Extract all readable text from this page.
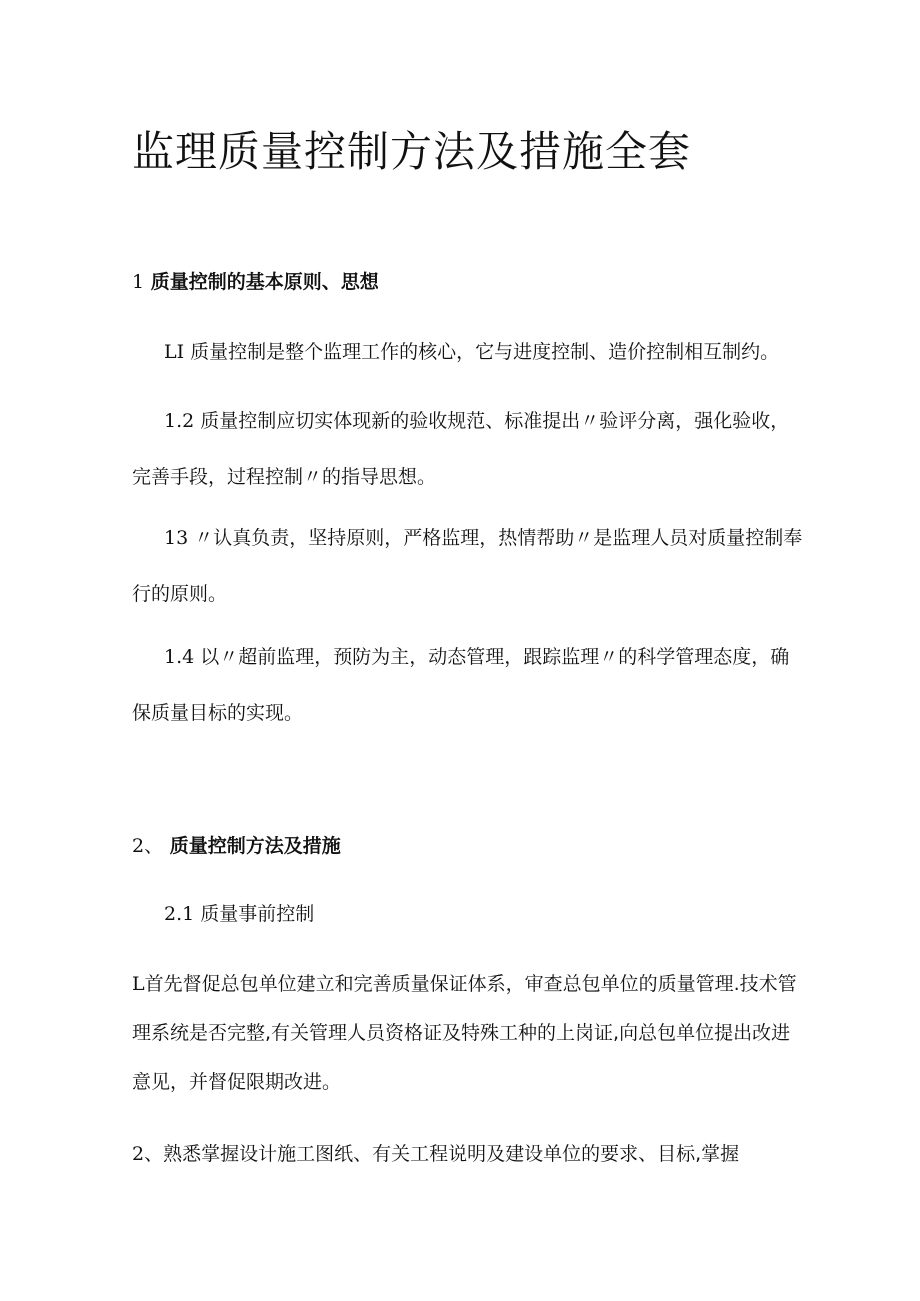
监理质量控制方法及措施全套
1 质量控制的基本原则、思想

LI 质量控制是整个监理工作的核心，它与进度控制、造价控制相互制约。

1.2 质量控制应切实体现新的验收规范、标准提出〃验评分离，强化验收，完善手段，过程控制〃的指导思想。

13 〃认真负责，坚持原则，严格监理，热情帮助〃是监理人员对质量控制奉行的原则。

1.4 以〃超前监理，预防为主，动态管理，跟踪监理〃的科学管理态度，确保质量目标的实现。

2、 质量控制方法及措施

2.1 质量事前控制

L首先督促总包单位建立和完善质量保证体系，审查总包单位的质量管理.技术管理系统是否完整,有关管理人员资格证及特殊工种的上岗证,向总包单位提出改进意见，并督促限期改进。

2、熟悉掌握设计施工图纸、有关工程说明及建设单位的要求、目标,掌握
